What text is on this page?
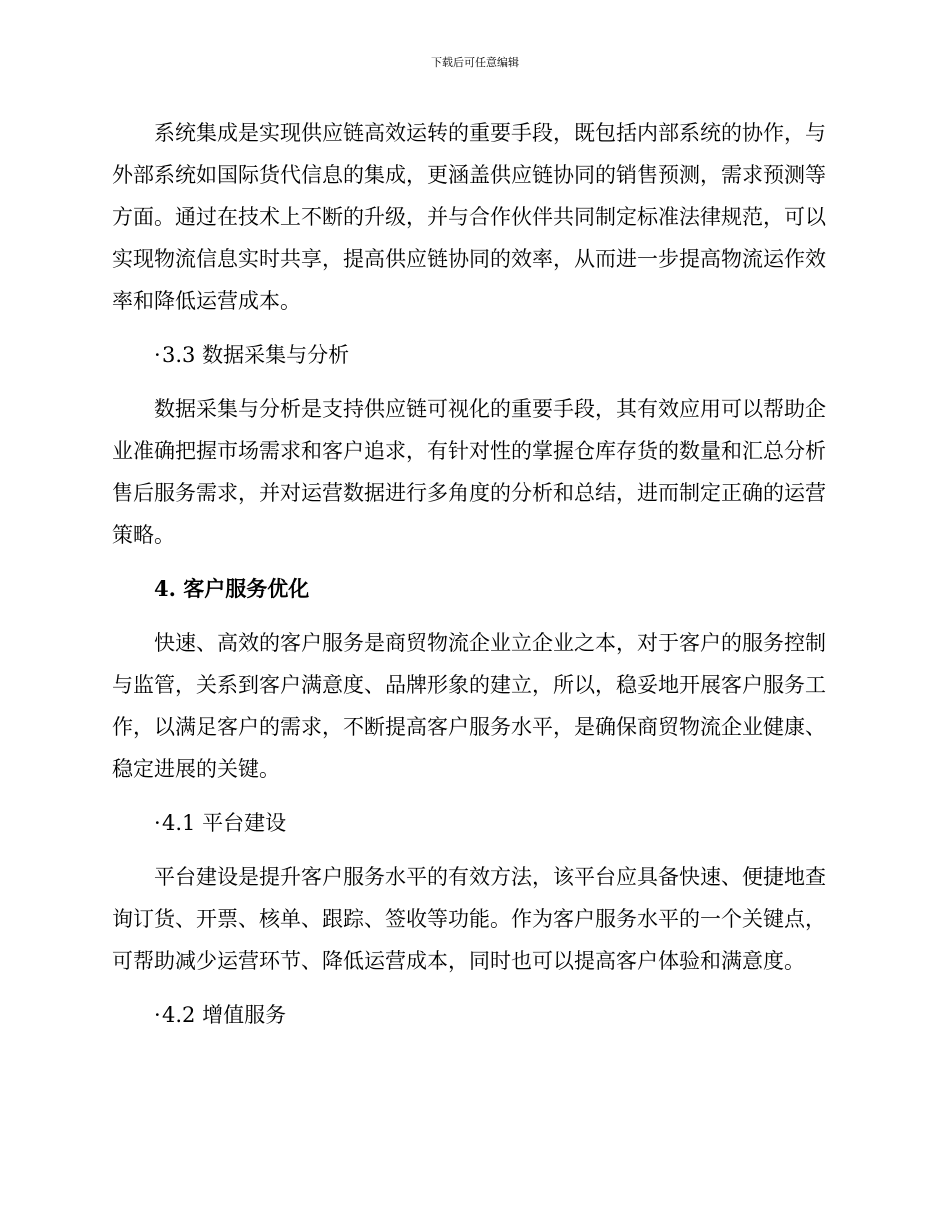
下载后可任意编辑

系统集成是实现供应链高效运转的重要手段，既包括内部系统的协作，与外部系统如国际货代信息的集成，更涵盖供应链协同的销售预测，需求预测等方面。通过在技术上不断的升级，并与合作伙伴共同制定标准法律规范，可以实现物流信息实时共享，提高供应链协同的效率，从而进一步提高物流运作效率和降低运营成本。

·3.3 数据采集与分析

数据采集与分析是支持供应链可视化的重要手段，其有效应用可以帮助企业准确把握市场需求和客户追求，有针对性的掌握仓库存货的数量和汇总分析售后服务需求，并对运营数据进行多角度的分析和总结，进而制定正确的运营策略。

4. 客户服务优化

快速、高效的客户服务是商贸物流企业立企业之本，对于客户的服务控制与监管，关系到客户满意度、品牌形象的建立，所以，稳妥地开展客户服务工作，以满足客户的需求，不断提高客户服务水平，是确保商贸物流企业健康、稳定进展的关键。

·4.1 平台建设

平台建设是提升客户服务水平的有效方法，该平台应具备快速、便捷地查询订货、开票、核单、跟踪、签收等功能。作为客户服务水平的一个关键点，可帮助减少运营环节、降低运营成本，同时也可以提高客户体验和满意度。

·4.2 增值服务
